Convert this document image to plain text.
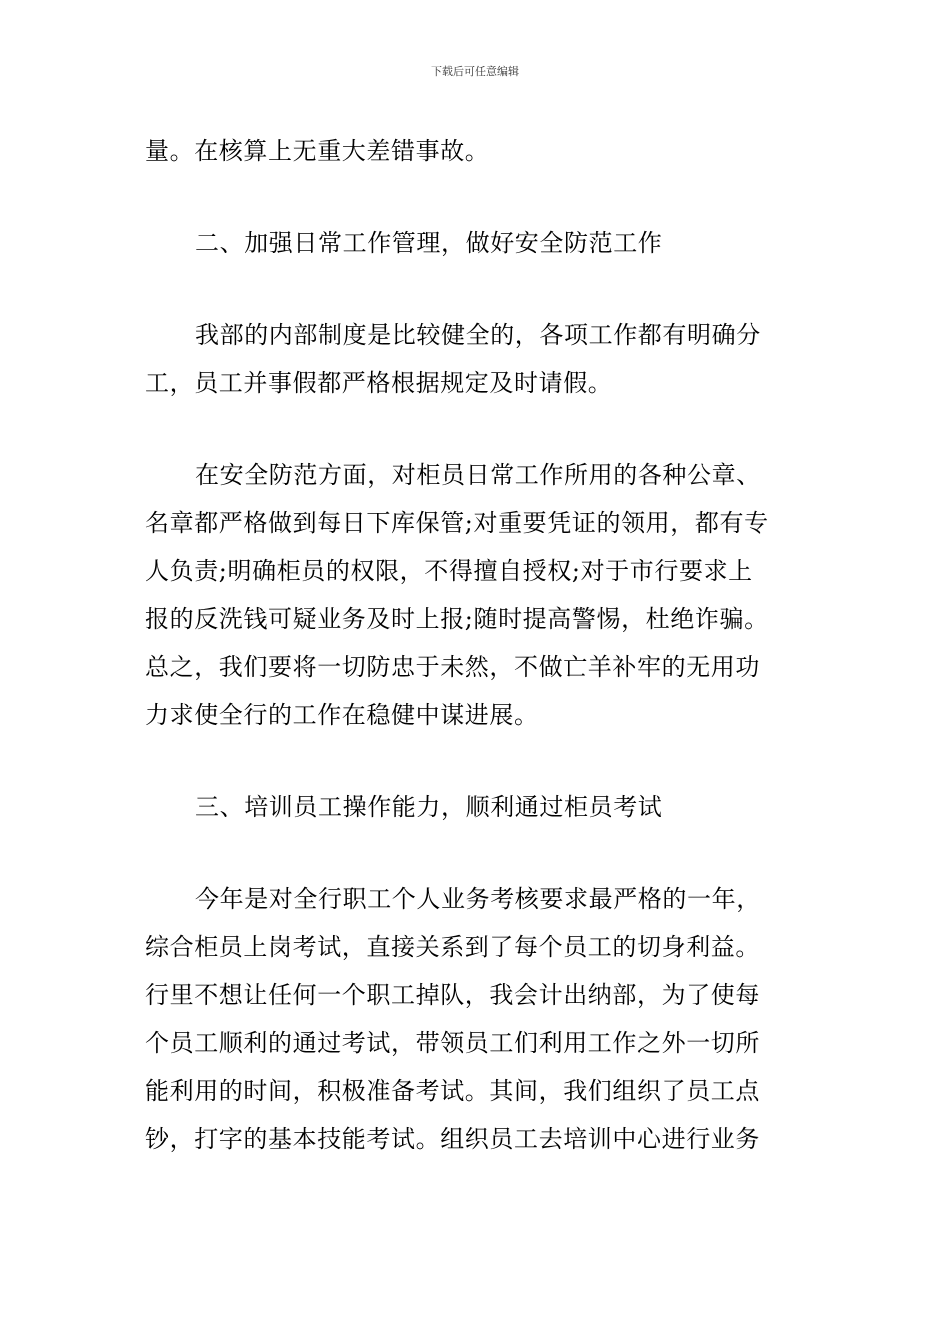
下载后可任意编辑

量。在核算上无重大差错事故。

二、加强日常工作管理，做好安全防范工作

我部的内部制度是比较健全的，各项工作都有明确分
工，员工并事假都严格根据规定及时请假。

在安全防范方面，对柜员日常工作所用的各种公章、
名章都严格做到每日下库保管;对重要凭证的领用，都有专
人负责;明确柜员的权限，不得擅自授权;对于市行要求上
报的反洗钱可疑业务及时上报;随时提高警惕，杜绝诈骗。
总之，我们要将一切防忠于未然，不做亡羊补牢的无用功
力求使全行的工作在稳健中谋进展。

三、培训员工操作能力，顺利通过柜员考试

今年是对全行职工个人业务考核要求最严格的一年，
综合柜员上岗考试，直接关系到了每个员工的切身利益。
行里不想让任何一个职工掉队，我会计出纳部，为了使每
个员工顺利的通过考试，带领员工们利用工作之外一切所
能利用的时间，积极准备考试。其间，我们组织了员工点
钞，打字的基本技能考试。组织员工去培训中心进行业务
